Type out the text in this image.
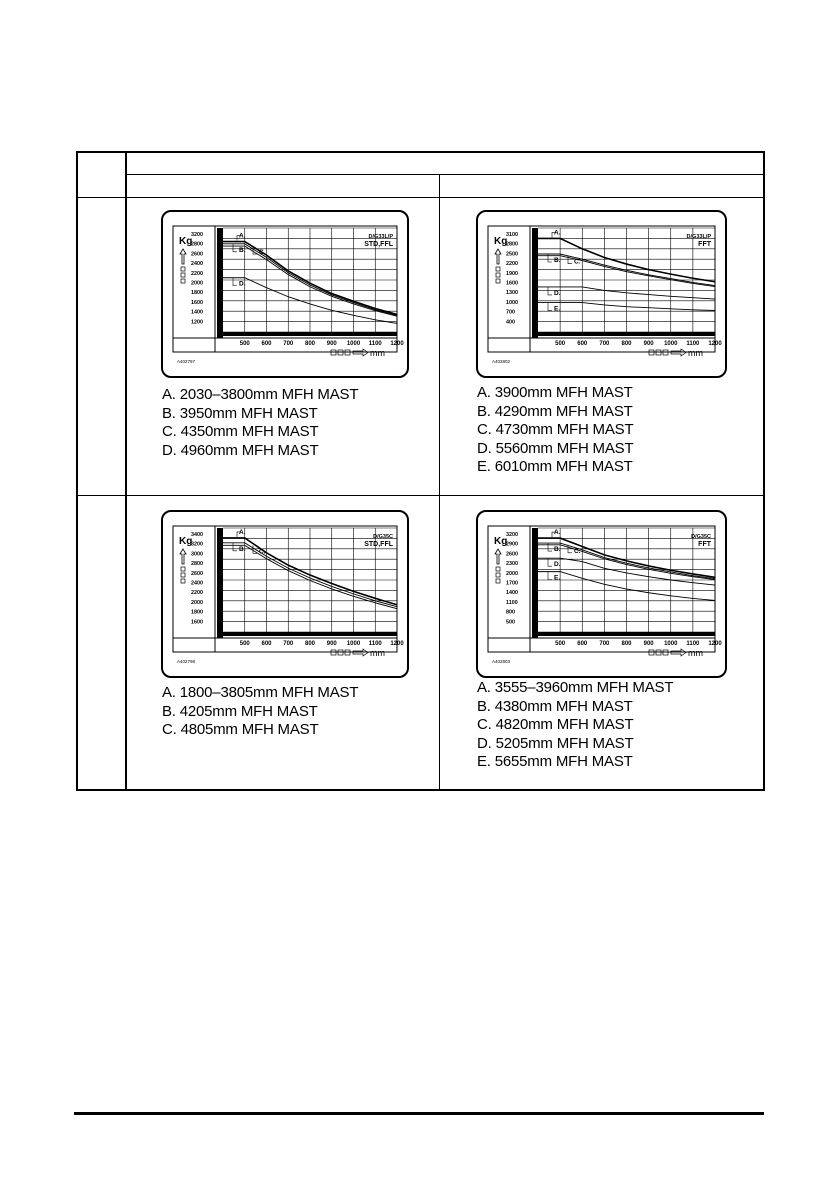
Kg
3200
2800
2600
2400
2200
2000
1800
1600
1400
1200
500 600 700 800 900 1000 1100 1200
mm
D/G33L/P
STD,FFL
A402797
A.
B. C.
D.
Kg
3100
2800
2500
2200
1900
1600
1300
1000
700
400
500 600 700 800 900 1000 1100 1200
mm
D/G33L/P
FFT
A402802
A.
B. C.
D.
E.
Kg
3400
3200
3000
2800
2600
2400
2200
2000
1800
1600
500 600 700 800 900 1000 1100 1200
mm
D/G35C
STD,FFL
A402798
A.
B. C.
Kg
3200
2900
2600
2300
2000
1700
1400
1100
800
500
500 600 700 800 900 1000 1100 1200
mm
D/G35C
FFT
A402803
A.
B. C.
D.
E.
A. 2030–3800mm MFH MAST
B. 3950mm MFH MAST
C. 4350mm MFH MAST
D. 4960mm MFH MAST
A. 3900mm MFH MAST
B. 4290mm MFH MAST
C. 4730mm MFH MAST
D. 5560mm MFH MAST
E. 6010mm MFH MAST
A. 1800–3805mm MFH MAST
B. 4205mm MFH MAST
C. 4805mm MFH MAST
A. 3555–3960mm MFH MAST
B. 4380mm MFH MAST
C. 4820mm MFH MAST
D. 5205mm MFH MAST
E. 5655mm MFH MAST
